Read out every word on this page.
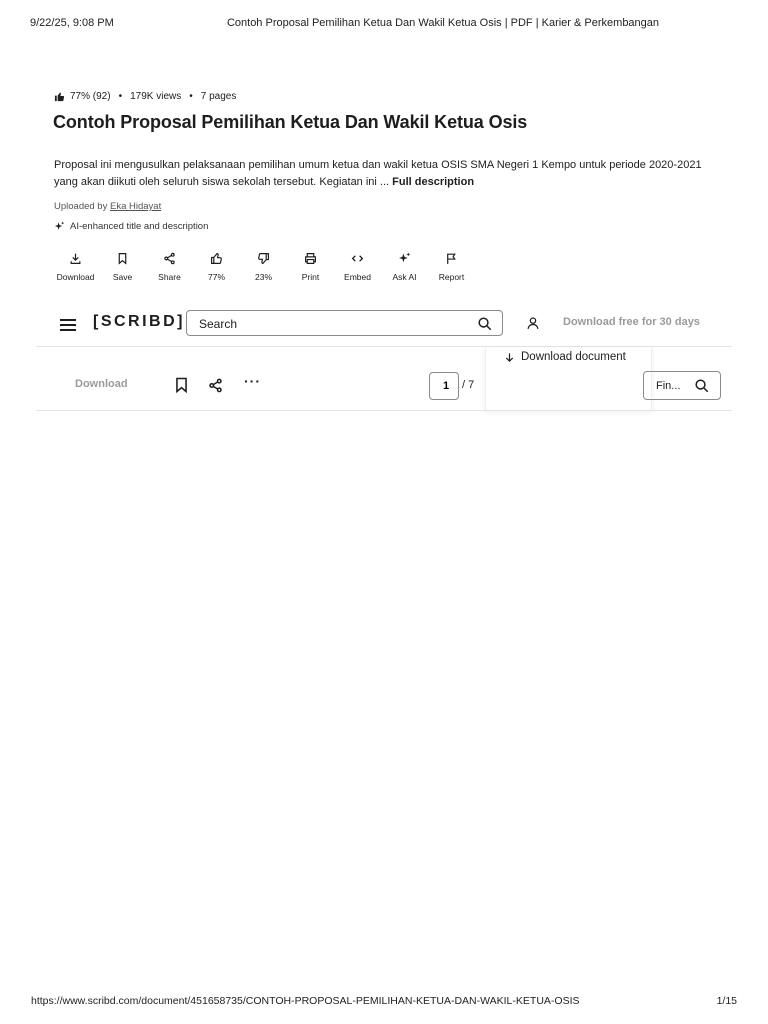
9/22/25, 9:08 PM	Contoh Proposal Pemilihan Ketua Dan Wakil Ketua Osis | PDF | Karier & Perkembangan
77% (92) • 179K views • 7 pages
Contoh Proposal Pemilihan Ketua Dan Wakil Ketua Osis
Proposal ini mengusulkan pelaksanaan pemilihan umum ketua dan wakil ketua OSIS SMA Negeri 1 Kempo untuk periode 2020-2021 yang akan diikuti oleh seluruh siswa sekolah tersebut. Kegiatan ini ... Full description
Uploaded by Eka Hidayat
AI-enhanced title and description
Download Save	Share	77%	23%	Print	Embed	Ask AI	Report
[SCRIBD]
Search	Download free for 30 days
Download document
Download	···
1	/ 7
Fin...
https://www.scribd.com/document/451658735/CONTOH-PROPOSAL-PEMILIHAN-KETUA-DAN-WAKIL-KETUA-OSIS	1/15
